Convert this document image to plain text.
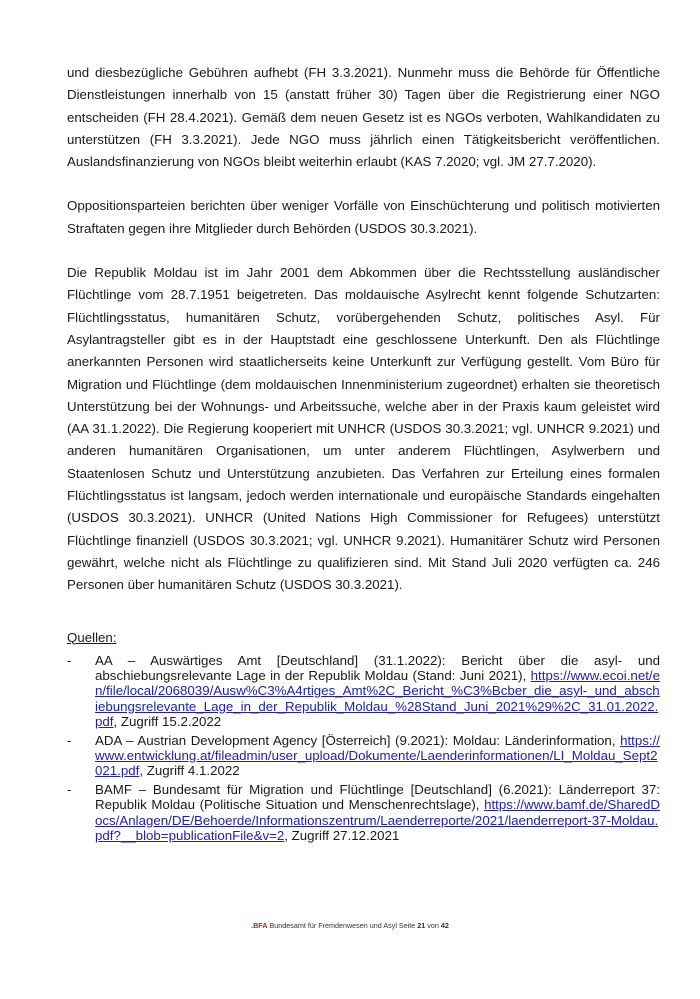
und diesbezügliche Gebühren aufhebt (FH 3.3.2021). Nunmehr muss die Behörde für Öffentliche Dienstleistungen innerhalb von 15 (anstatt früher 30) Tagen über die Registrierung einer NGO entscheiden (FH 28.4.2021). Gemäß dem neuen Gesetz ist es NGOs verboten, Wahlkandidaten zu unterstützen (FH 3.3.2021). Jede NGO muss jährlich einen Tätigkeitsbericht veröffentlichen. Auslandsfinanzierung von NGOs bleibt weiterhin erlaubt (KAS 7.2020; vgl. JM 27.7.2020).

Oppositionsparteien berichten über weniger Vorfälle von Einschüchterung und politisch motivierten Straftaten gegen ihre Mitglieder durch Behörden (USDOS 30.3.2021).

Die Republik Moldau ist im Jahr 2001 dem Abkommen über die Rechtsstellung ausländischer Flüchtlinge vom 28.7.1951 beigetreten. Das moldauische Asylrecht kennt folgende Schutzarten: Flüchtlingsstatus, humanitären Schutz, vorübergehenden Schutz, politisches Asyl. Für Asylantragsteller gibt es in der Hauptstadt eine geschlossene Unterkunft. Den als Flüchtlinge anerkannten Personen wird staatlicherseits keine Unterkunft zur Verfügung gestellt. Vom Büro für Migration und Flüchtlinge (dem moldauischen Innenministerium zugeordnet) erhalten sie theoretisch Unterstützung bei der Wohnungs- und Arbeitssuche, welche aber in der Praxis kaum geleistet wird (AA 31.1.2022). Die Regierung kooperiert mit UNHCR (USDOS 30.3.2021; vgl. UNHCR 9.2021) und anderen humanitären Organisationen, um unter anderem Flüchtlingen, Asylwerbern und Staatenlosen Schutz und Unterstützung anzubieten. Das Verfahren zur Erteilung eines formalen Flüchtlingsstatus ist langsam, jedoch werden internationale und europäische Standards eingehalten (USDOS 30.3.2021). UNHCR (United Nations High Commissioner for Refugees) unterstützt Flüchtlinge finanziell (USDOS 30.3.2021; vgl. UNHCR 9.2021). Humanitärer Schutz wird Personen gewährt, welche nicht als Flüchtlinge zu qualifizieren sind. Mit Stand Juli 2020 verfügten ca. 246 Personen über humanitären Schutz (USDOS 30.3.2021).

Quellen:
- AA – Auswärtiges Amt [Deutschland] (31.1.2022): Bericht über die asyl- und abschiebungsrelevante Lage in der Republik Moldau (Stand: Juni 2021), https://www.ecoi.net/en/file/local/2068039/Ausw%C3%A4rtiges_Amt%2C_Bericht_%C3%Bcber_die_asyl-_und_abschiebungsrelevante_Lage_in_der_Republik_Moldau_%28Stand_Juni_2021%29%2C_31.01.2022.pdf, Zugriff 15.2.2022
- ADA – Austrian Development Agency [Österreich] (9.2021): Moldau: Länderinformation, https://www.entwicklung.at/fileadmin/user_upload/Dokumente/Laenderinformationen/LI_Moldau_Sept2021.pdf, Zugriff 4.1.2022
- BAMF – Bundesamt für Migration und Flüchtlinge [Deutschland] (6.2021): Länderreport 37: Republik Moldau (Politische Situation und Menschenrechtslage), https://www.bamf.de/SharedDocs/Anlagen/DE/Behoerde/Informationszentrum/Laenderreporte/2021/laenderreport-37-Moldau.pdf?__blob=publicationFile&v=2, Zugriff 27.12.2021
.BFA Bundesamt für Fremdenwesen und Asyl Seite 21 von 42
